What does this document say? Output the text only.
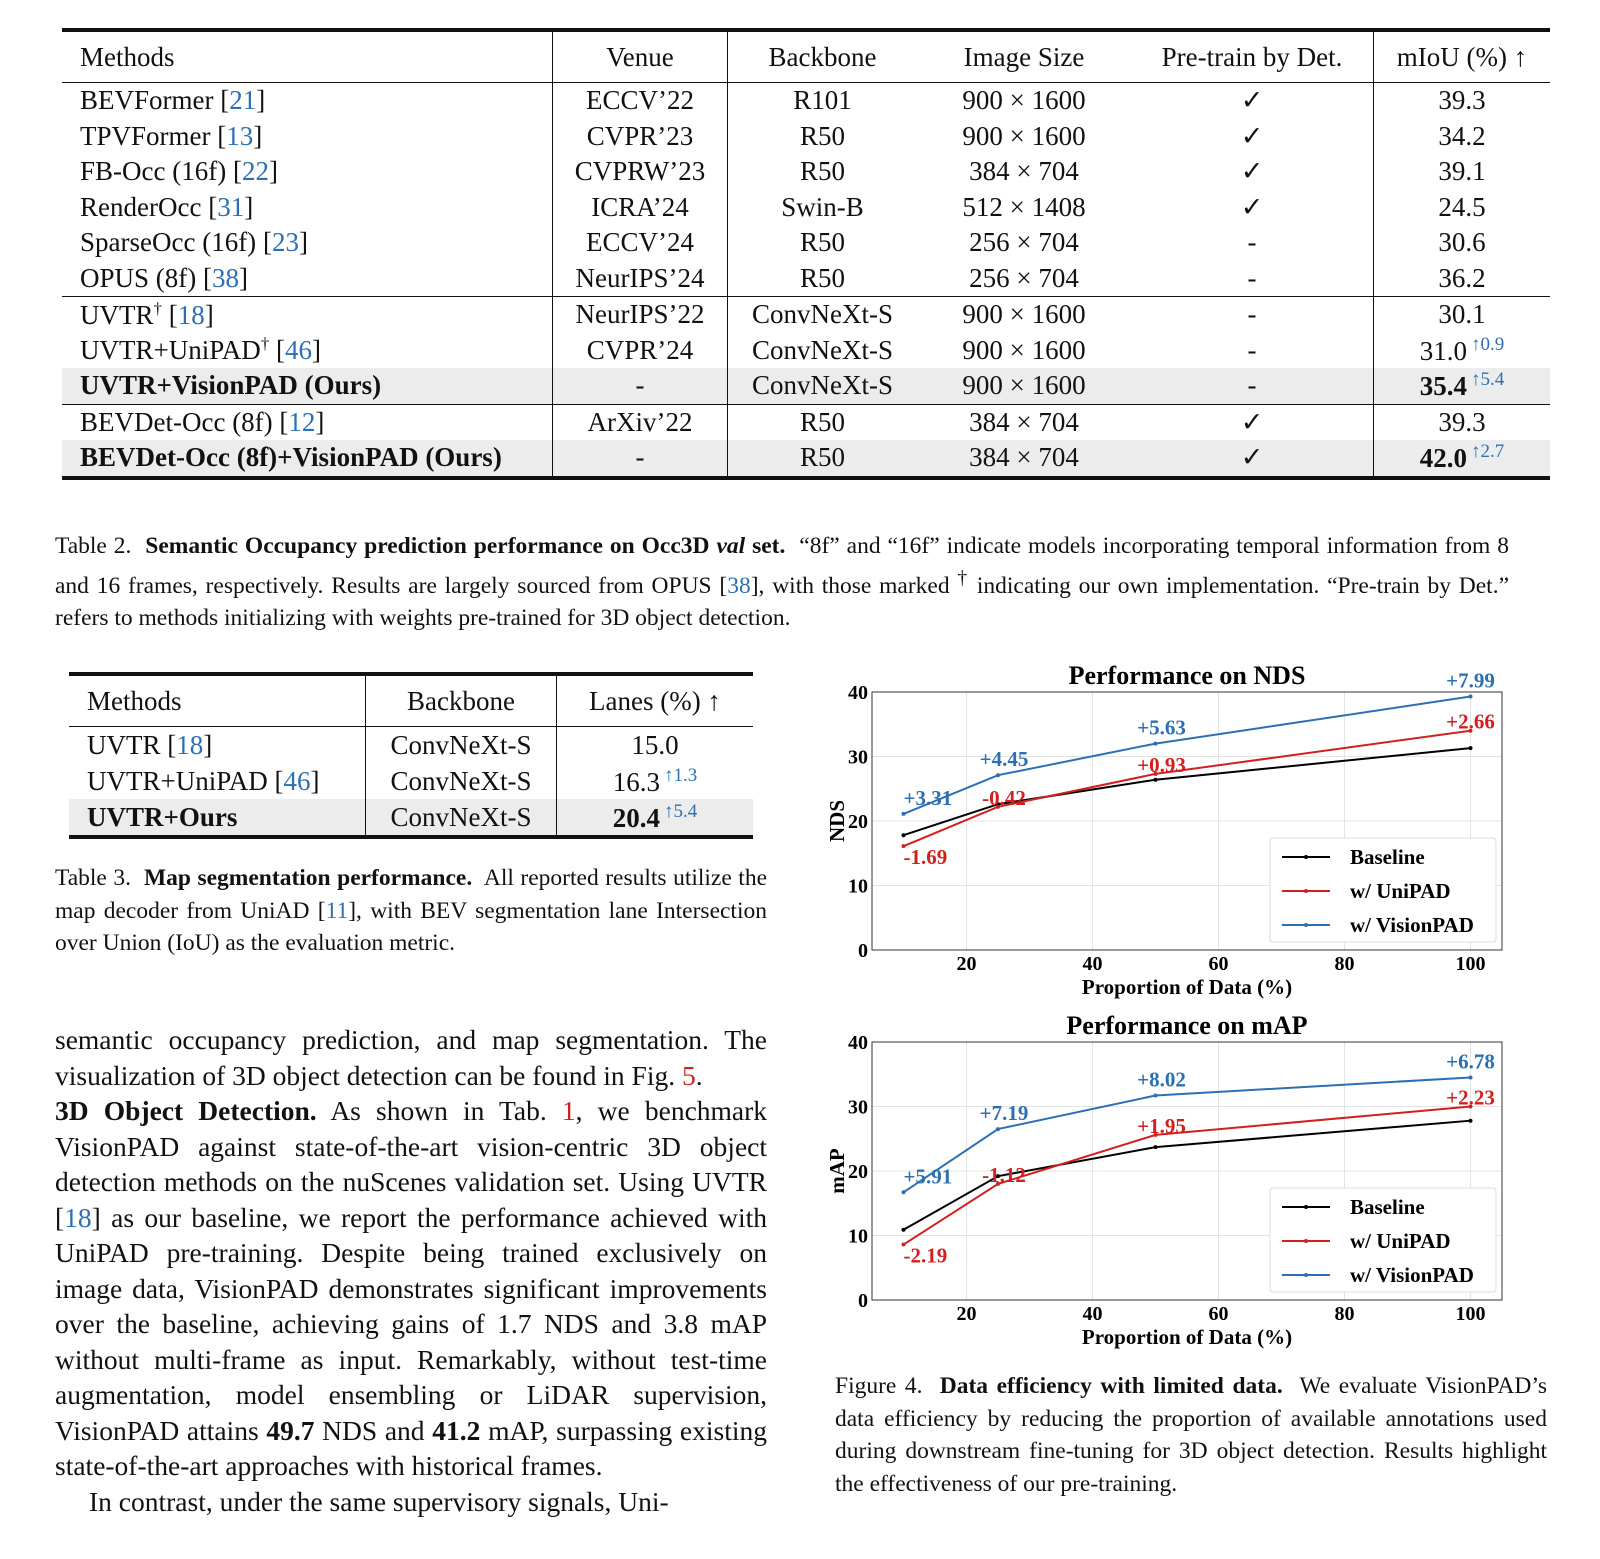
Methods	Venue	Backbone	Image Size	Pre-train by Det.	mIoU (%) ↑
BEVFormer [21]	ECCV’22	R101	900 × 1600	✓	39.3
TPVFormer [13]	CVPR’23	R50	900 × 1600	✓	34.2
FB-Occ (16f) [22]	CVPRW’23	R50	384 × 704	✓	39.1
RenderOcc [31]	ICRA’24	Swin-B	512 × 1408	✓	24.5
SparseOcc (16f) [23]	ECCV’24	R50	256 × 704	-	30.6
OPUS (8f) [38]	NeurIPS’24	R50	256 × 704	-	36.2
UVTR† [18]	NeurIPS’22	ConvNeXt-S	900 × 1600	-	30.1
UVTR+UniPAD† [46]	CVPR’24	ConvNeXt-S	900 × 1600	-	31.0 $^{↑0.9}$
UVTR+VisionPAD (Ours)	-	ConvNeXt-S	900 × 1600	-	35.4 $^{↑5.4}$
BEVDet-Occ (8f) [12]	ArXiv’22	R50	384 × 704	✓	39.3
BEVDet-Occ (8f)+VisionPAD (Ours)	-	R50	384 × 704	✓	42.0 $^{↑2.7}$
Table 2. Semantic Occupancy prediction performance on Occ3D val set. “8f” and “16f” indicate models incorporating temporal information from 8 and 16 frames, respectively. Results are largely sourced from OPUS [38], with those marked † indicating our own implementation. “Pre-train by Det.” refers to methods initializing with weights pre-trained for 3D object detection.
Methods	Backbone	Lanes (%) ↑
UVTR [18]	ConvNeXt-S	15.0
UVTR+UniPAD [46]	ConvNeXt-S	16.3 $^{↑1.3}$
UVTR+Ours	ConvNeXt-S	20.4 $^{↑5.4}$
Table 3. Map segmentation performance. All reported results utilize the map decoder from UniAD [11], with BEV segmentation lane Intersection over Union (IoU) as the evaluation metric.

semantic occupancy prediction, and map segmentation. The visualization of 3D object detection can be found in Fig. 5.

3D Object Detection. As shown in Tab. 1, we benchmark VisionPAD against state-of-the-art vision-centric 3D object detection methods on the nuScenes validation set. Using UVTR [18] as our baseline, we report the performance achieved with UniPAD pre-training. Despite being trained exclusively on image data, VisionPAD demonstrates significant improvements over the baseline, achieving gains of 1.7 NDS and 3.8 mAP without multi-frame as input. Remarkably, without test-time augmentation, model ensembling or LiDAR supervision, VisionPAD attains 49.7 NDS and 41.2 mAP, surpassing existing state-of-the-art approaches with historical frames.

In contrast, under the same supervisory signals, Uni-

Performance on NDS
20	40	60	80	100
0
10
20
30
40
Proportion of Data (%)
NDS
-1.69
-0.42
+0.93
+2.66
+3.31
+4.45
+5.63
+7.99
Baseline
w/ UniPAD
w/ VisionPAD
Performance on mAP
20	40	60	80	100
0
10
20
30
40
Proportion of Data (%)
mAP
-2.19
-1.12
+1.95
+2.23
+5.91
+7.19
+8.02
+6.78
Baseline
w/ UniPAD
w/ VisionPAD
Figure 4. Data efficiency with limited data. We evaluate VisionPAD’s data efficiency by reducing the proportion of available annotations used during downstream fine-tuning for 3D object detection. Results highlight the effectiveness of our pre-training.
